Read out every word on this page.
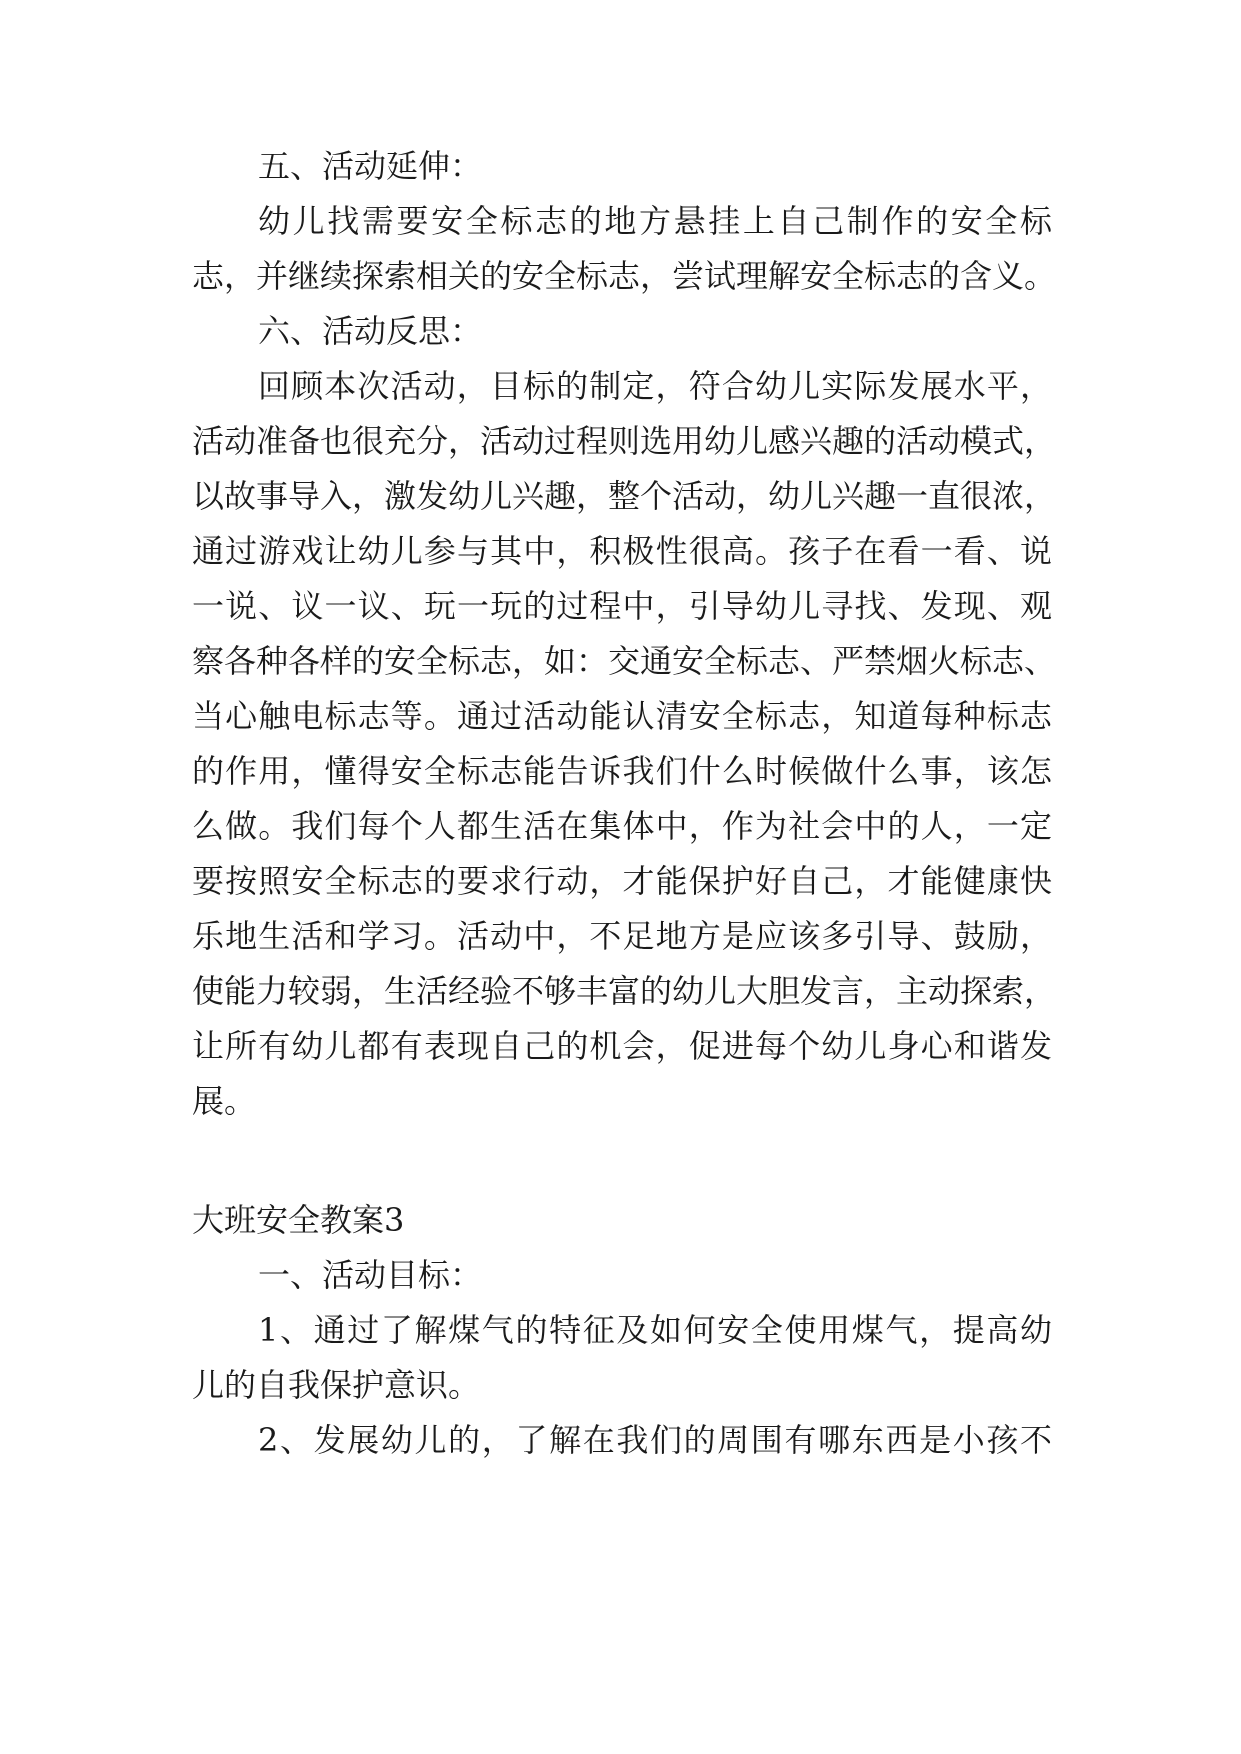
五、活动延伸：
幼儿找需要安全标志的地方悬挂上自己制作的安全标
志，并继续探索相关的安全标志，尝试理解安全标志的含义。
六、活动反思：
回顾本次活动，目标的制定，符合幼儿实际发展水平，
活动准备也很充分，活动过程则选用幼儿感兴趣的活动模式，
以故事导入，激发幼儿兴趣，整个活动，幼儿兴趣一直很浓，
通过游戏让幼儿参与其中，积极性很高。孩子在看一看、说
一说、议一议、玩一玩的过程中，引导幼儿寻找、发现、观
察各种各样的安全标志，如：交通安全标志、严禁烟火标志、
当心触电标志等。通过活动能认清安全标志，知道每种标志
的作用，懂得安全标志能告诉我们什么时候做什么事，该怎
么做。我们每个人都生活在集体中，作为社会中的人，一定
要按照安全标志的要求行动，才能保护好自己，才能健康快
乐地生活和学习。活动中，不足地方是应该多引导、鼓励，
使能力较弱，生活经验不够丰富的幼儿大胆发言，主动探索，
让所有幼儿都有表现自己的机会，促进每个幼儿身心和谐发
展。
大班安全教案3
一、活动目标：
1、通过了解煤气的特征及如何安全使用煤气，提高幼
儿的自我保护意识。
2、发展幼儿的，了解在我们的周围有哪东西是小孩不
